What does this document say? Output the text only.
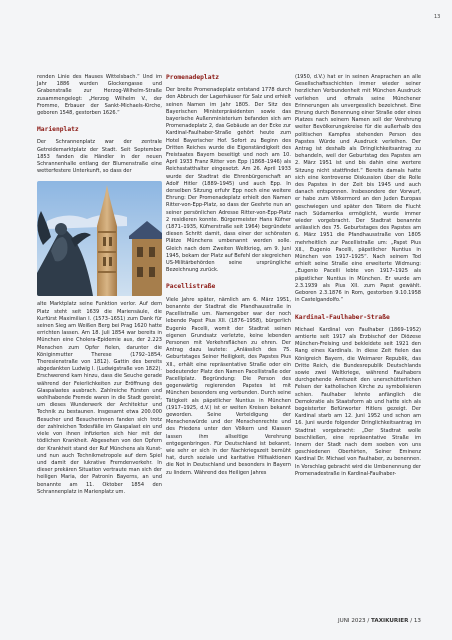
13

renden Linie des Hauses Wittelsbach.“ Und im Jahr 1886 wurden Glockengasse und Grabenstraße zur Herzog-Wilhelm-Straße zusammengelegt: „Herzog Wilhelm V., der Fromme, Erbauer der Sankt-Michaels-Kirche, geboren 1548, gestorben 1626.“

Marienplatz

Der Schrannenplatz war der zentrale Getreidemarktplatz der Stadt. Seit September 1853 fanden die Händler in der neuen Schrannenhalle entlang der Blumenstraße eine wetterfestere Unterkunft, so dass der

alte Marktplatz seine Funktion verlor. Auf dem Platz steht seit 1639 die Mariensäule, die Kurfürst Maximilian I. (1573–1651) zum Dank für seinen Sieg am Weißen Berg bei Prag 1620 hatte errichten lassen. Am 18. Juli 1854 war bereits in München eine Cholera-Epidemie aus, der 2.223 Menschen zum Opfer fielen, darunter die Königinmutter Therese (1792–1854, Theresienstraße von 1812). Gattin des bereits abgedankten Ludwig I. (Ludwigstraße von 1822). Erschwerend kam hinzu, dass die Seuche gerade während der Feierlichkeiten zur Eröffnung des Glaspalastes ausbrach. Zahlreiche Fürsten und wohlhabende Fremde waren in die Stadt gereist, um dieses Wunderwerk der Architektur und Technik zu bestaunen. Insgesamt etwa 200.000 Besucher und Besucherinnen fanden sich trotz der zahlreichen Todesfälle im Glaspalast ein und viele von ihnen infizierten sich hier mit der tödlichen Krankheit. Abgesehen von den Opfern der Krankheit stand der Ruf Münchens als Kunst- und nun auch Technikmetropole auf dem Spiel und damit der lukrative Fremdenverkehr. In dieser prekären Situation vertraute man sich der heiligen Maria, der Patronin Bayerns, an und benannte am 11. Oktober 1854 den Schrannenplatz in Marienplatz um.

Promenadeplatz

Der breite Promenadeplatz entstand 1778 durch den Abbruch der Lagerhäuser für Salz und erhielt seinen Namen im Jahr 1805. Der Sitz des Bayerischen Ministerpräsidenten sowie das bayerische Außenministerium befanden sich am Promenadeplatz 2, das Gebäude an der Ecke zur Kardinal-Faulhaber-Straße gehört heute zum Hotel Bayerischer Hof. Sofort zu Beginn des Dritten Reiches wurde die Eigenständigkeit des Freistaates Bayern beseitigt und noch am 10. April 1933 Franz Ritter von Epp (1868–1946) als Reichsstatthalter eingesetzt. Am 26. April 1933 wurde der Stadtrat die Ehrenbürgerschaft an Adolf Hitler (1889–1945) und auch Epp. In derselben Sitzung erfuhr Epp noch eine weitere Ehrung: Der Promenadeplatz erhielt den Namen Ritter-von-Epp-Platz, so dass der Geehrte nun an seiner persönlichen Adresse Ritter-von-Epp-Platz 2 residieren konnte. Bürgermeister Hans Küfner (1871–1935, Küfnerstraße seit 1964) begründete diesen Schritt damit, dass einer der schönsten Plätze Münchens umbenannt werden solle. Gleich nach dem Zweiten Weltkrieg, am 9. Juni 1945, bekam der Platz auf Befehl der siegreichen US-Militärbehörden seine ursprüngliche Bezeichnung zurück.

Pacellistraße

Viele Jahre später, nämlich am 6. März 1951, benannte der Stadtrat die Pfandhausstraße in Pacellistraße um. Namengeber war der noch lebende Papst Pius XII. (1876–1958), bürgerlich Eugenio Pacelli, womit der Stadtrat seinen eigenen Grundsatz verletzte, keine lebenden Personen mit Verkehrsflächen zu ehren. Der Antrag dazu lautete: „Anlässlich des 75. Geburtstages Seiner Heiligkeit, des Papstes Pius XII., erhält eine repräsentative Straße oder ein bedeutender Platz den Namen Pacellistraße oder Pacelliplatz. Begründung: Die Person des gegenwärtig regierenden Papstes ist mit München besonders eng verbunden. Durch seine Tätigkeit als päpstlicher Nuntius in München (1917–1925, d.V.) ist er weiten Kreisen bekannt geworden. Seine Verteidigung der Menschenwürde und der Menschenrechte und des Friedens unter den Völkern und Klassen lassen ihm allseitige Verehrung entgegenbringen. Für Deutschland ist bekannt, wie sehr er sich in der Nachkriegszeit bemüht hat, durch soziale und karitative Hilfsaktionen die Not in Deutschland und besonders in Bayern zu lindern. Während des Heiligen Jahres

(1950, d.V.) hat er in seinen Ansprachen an alle Gesellschaftsschichten immer wieder seiner herzlichen Verbundenheit mit München Ausdruck verliehen und oftmals seine Münchener Erinnerungen als unvergesslich bezeichnet. Eine Ehrung durch Benennung einer Straße oder eines Platzes nach seinem Namen soll der Verehrung weiter Bevölkerungskreise für die außerhalb des politischen Kampfes stehenden Person des Papstes Würde und Ausdruck verleihen. Der Antrag ist deshalb als Dringlichkeitsantrag zu behandeln, weil der Geburtstag des Papstes am 2. März 1951 ist und bis dahin eine wertere Sitzung nicht stattfindet.“ Bereits damals hatte sich eine kontroverse Diskussion über die Rolle des Papstes in der Zeit bis 1945 und auch danach entsponnen. Insbesondere der Vorwurf, er habe zum Völkermord an den Juden Europas geschwiegen und später den Tätern die Flucht nach Südamerika ermöglicht, wurde immer wieder vorgebracht. Der Stadtrat benannte anlässlich des 75. Geburtstages des Papstes am 6. März 1951 die Pfandhausstraße von 1805 mehrheitlich zur Pacellistraße um: „Papst Pius XII., Eugenio Pacelli, päpstlicher Nuntius in München von 1917–1925“. Nach seinem Tod erhielt seine Straße eine erweiterte Widmung: „Eugenio Pacelli lebte von 1917–1925 als päpstlicher Nuntius in München. Er wurde am 2.3.1939 als Pius XII. zum Papst gewählt. Geboren 2.3.1876 in Rom, gestorben 9.10.1958 in Castelgandolfo.“

Kardinal-Faulhaber-Straße

Michael Kardinal von Faulhaber (1869–1952) amtierte seit 1917 als Erzbischof der Diözese München-Freising und bekleidete seit 1921 den Rang eines Kardinals. In diese Zeit fielen das Königreich Bayern, die Weimarer Republik, das Dritte Reich, die Bundesrepublik Deutschlands sowie zwei Weltkriege, während Faulhabers durchgehende Amtszeit den unerschütterlichen Felsen der katholischen Kirche zu symbolisieren schien. Faulhaber lehnte anfänglich die Demokratie als Staatsform ab und hatte sich als begeisterter Befürworter Hitlers gezeigt. Der Kardinal starb am 12. Juni 1952 und schon am 16. Juni wurde folgender Dringlichkeitsantrag im Stadtrat vorgebracht: „Der Stadtrat wolle beschließen, eine repräsentative Straße im Innern der Stadt nach dem soeben von uns geschiedenen Oberhirten, Seiner Eminenz Kardinal Dr. Michael von Faulhaber, zu benennen. In Vorschlag gebracht wird die Umbenennung der Promenadestraße in Kardinal-Faulhaber-

JUNI 2023 / TAXIKURIER / 13
